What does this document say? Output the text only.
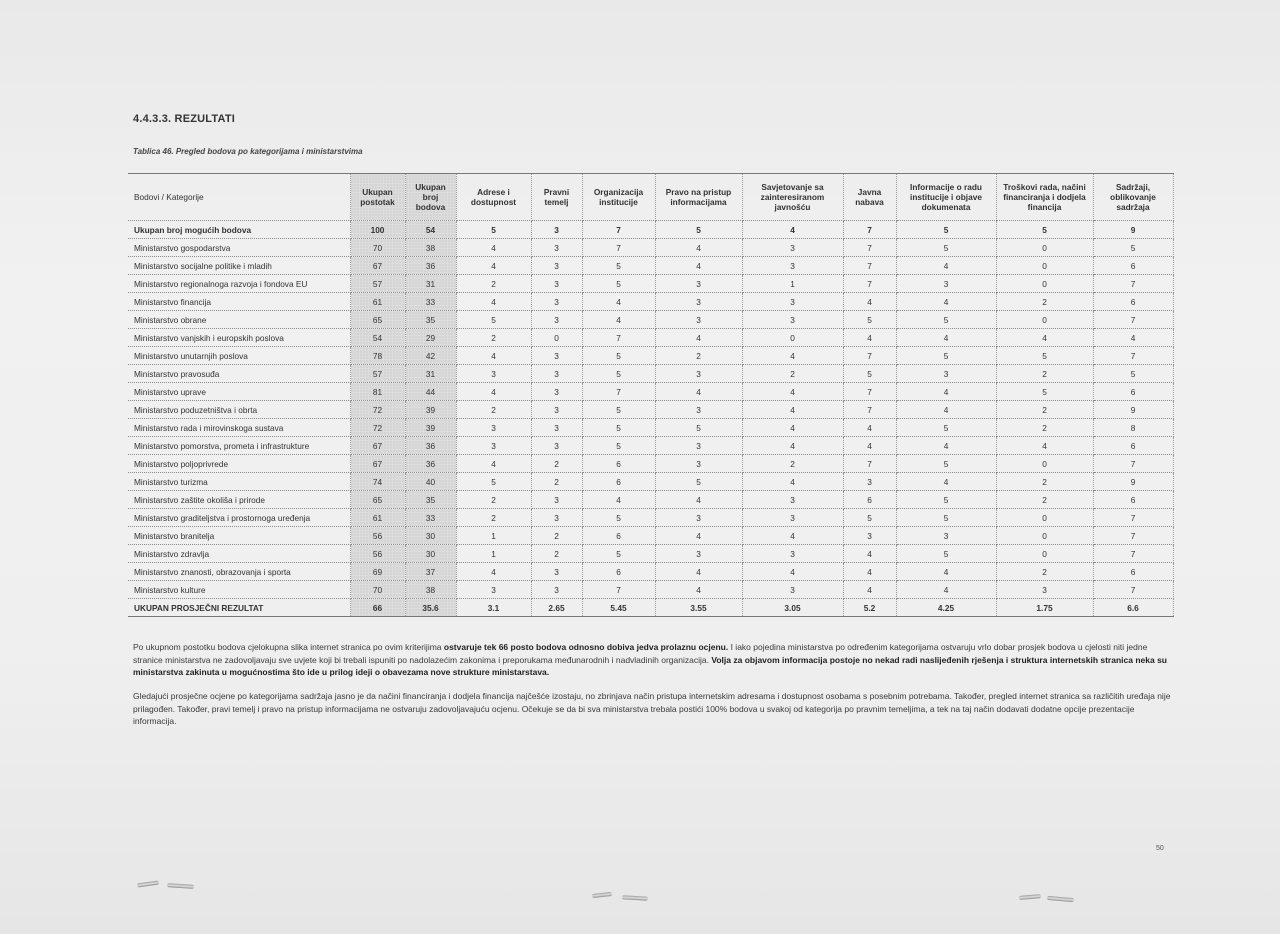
4.4.3.3. REZULTATI
Tablica 46. Pregled bodova po kategorijama i ministarstvima
Bodovi / Kategorije	Ukupan postotak	Ukupan broj bodova	Adrese i dostupnost	Pravni temelj	Organizacija institucije	Pravo na pristup informacijama	Savjetovanje sa zainteresiranom javnošću	Javna nabava	Informacije o radu institucije i objave dokumenata	Troškovi rada, načini financiranja i dodjela financija	Sadržaji, oblikovanje sadržaja
Ukupan broj mogućih bodova	100	54	5	3	7	5	4	7	5	5	9
Ministarstvo gospodarstva	70	38	4	3	7	4	3	7	5	0	5
Ministarstvo socijalne politike i mladih	67	36	4	3	5	4	3	7	4	0	6
Ministarstvo regionalnoga razvoja i fondova EU	57	31	2	3	5	3	1	7	3	0	7
Ministarstvo financija	61	33	4	3	4	3	3	4	4	2	6
Ministarstvo obrane	65	35	5	3	4	3	3	5	5	0	7
Ministarstvo vanjskih i europskih poslova	54	29	2	0	7	4	0	4	4	4	4
Ministarstvo unutarnjih poslova	78	42	4	3	5	2	4	7	5	5	7
Ministarstvo pravosuđa	57	31	3	3	5	3	2	5	3	2	5
Ministarstvo uprave	81	44	4	3	7	4	4	7	4	5	6
Ministarstvo poduzetništva i obrta	72	39	2	3	5	3	4	7	4	2	9
Ministarstvo rada i mirovinskoga sustava	72	39	3	3	5	5	4	4	5	2	8
Ministarstvo pomorstva, prometa i infrastrukture	67	36	3	3	5	3	4	4	4	4	6
Ministarstvo poljoprivrede	67	36	4	2	6	3	2	7	5	0	7
Ministarstvo turizma	74	40	5	2	6	5	4	3	4	2	9
Ministarstvo zaštite okoliša i prirode	65	35	2	3	4	4	3	6	5	2	6
Ministarstvo graditeljstva i prostornoga uređenja	61	33	2	3	5	3	3	5	5	0	7
Ministarstvo branitelja	56	30	1	2	6	4	4	3	3	0	7
Ministarstvo zdravlja	56	30	1	2	5	3	3	4	5	0	7
Ministarstvo znanosti, obrazovanja i sporta	69	37	4	3	6	4	4	4	4	2	6
Ministarstvo kulture	70	38	3	3	7	4	3	4	4	3	7
UKUPAN PROSJEČNI REZULTAT	66	35.6	3.1	2.65	5.45	3.55	3.05	5.2	4.25	1.75	6.6
Po ukupnom postotku bodova cjelokupna slika internet stranica po ovim kriterijima ostvaruje tek 66 posto bodova odnosno dobiva jedva prolaznu ocjenu. I iako pojedina ministarstva po određenim kategorijama ostvaruju vrlo dobar prosjek bodova u cjelosti niti jedne stranice ministarstva ne zadovoljavaju sve uvjete koji bi trebali ispuniti po nadolazećim zakonima i preporukama međunarodnih i nadvladinih organizacija. Volja za objavom informacija postoje no nekad radi naslijeđenih rješenja i struktura internetskih stranica neka su ministarstva zakinuta u mogućnostima što ide u prilog ideji o obavezama nove strukture ministarstava.
Gledajući prosječne ocjene po kategorijama sadržaja jasno je da načini financiranja i dodjela financija najčešće izostaju, no zbrinjava način pristupa internetskim adresama i dostupnost osobama s posebnim potrebama. Također, pregled internet stranica sa različitih uređaja nije prilagođen. Također, pravi temelj i pravo na pristup informacijama ne ostvaruju zadovoljavajuću ocjenu. Očekuje se da bi sva ministarstva trebala postići 100% bodova u svakoj od kategorija po pravnim temeljima, a tek na taj način dodavati dodatne opcije prezentacije informacija.
50
